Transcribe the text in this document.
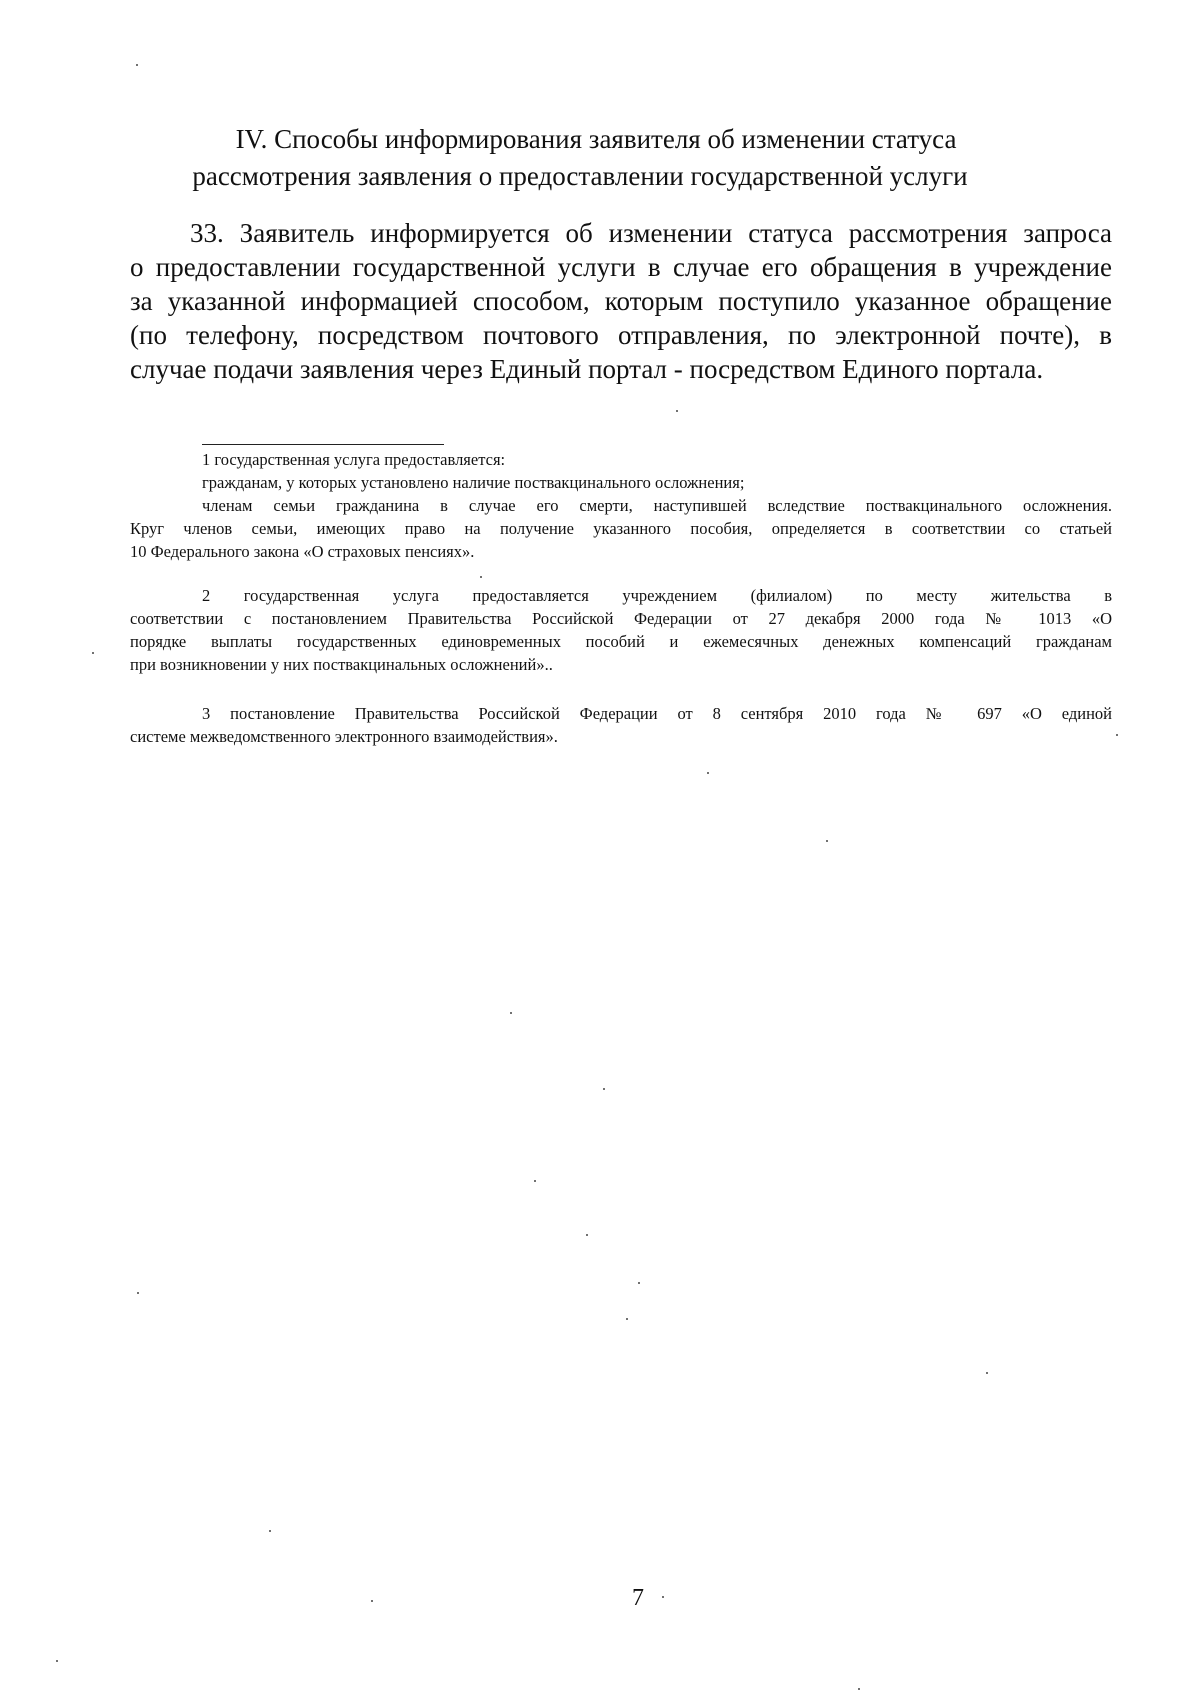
IV. Способы информирования заявителя об изменении статуса
рассмотрения заявления о предоставлении государственной услуги
33. Заявитель информируется об изменении статуса рассмотрения запроса
о предоставлении государственной услуги в случае его обращения в учреждение
за указанной информацией способом, которым поступило указанное обращение
(по телефону, посредством почтового отправления, по электронной почте), в
случае подачи заявления через Единый портал - посредством Единого портала.
1 государственная услуга предоставляется:
гражданам, у которых установлено наличие поствакцинального осложнения;
членам семьи гражданина в случае его смерти, наступившей вследствие поствакцинального осложнения.
Круг членов семьи, имеющих право на получение указанного пособия, определяется в соответствии со статьей
10 Федерального закона «О страховых пенсиях».
2 государственная услуга предоставляется учреждением (филиалом) по месту жительства в
соответствии с постановлением Правительства Российской Федерации от 27 декабря 2000 года № 1013 «О
порядке выплаты государственных единовременных пособий и ежемесячных денежных компенсаций гражданам
при возникновении у них поствакцинальных осложнений»..
3 постановление Правительства Российской Федерации от 8 сентября 2010 года № 697 «О единой
системе межведомственного электронного взаимодействия».
7
